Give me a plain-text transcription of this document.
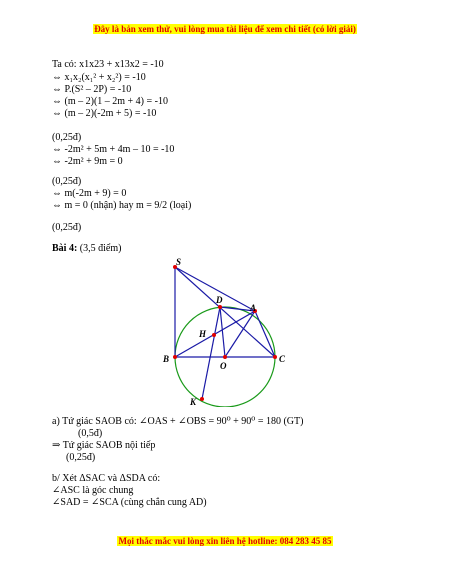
Đây là bản xem thử, vui lòng mua tài liệu để xem chi tiết (có lời giải)
Ta có: x1x23 + x13x2 = -10
⇔ x₁x₂(x₁² + x₂²) = -10
⇔ P.(S² – 2P) = -10
⇔ (m – 2)(1 – 2m + 4) = -10
⇔ (m – 2)(-2m + 5) = -10
(0,25đ)
⇔ -2m² + 5m + 4m – 10 = -10
⇔ -2m² + 9m = 0
(0,25đ)
⇔ m(-2m + 9) = 0
⇔ m = 0 (nhận) hay m = 9/2 (loại)
(0,25đ)
Bài 4: (3,5 điểm)
S
D
A
H
B
O
C
K
a) Tứ giác SAOB có: ∠OAS + ∠OBS = 90⁰ + 90⁰ = 180 (GT)
(0,5đ)
⇒ Tứ giác SAOB nội tiếp
(0,25đ)
b/ Xét ΔSAC và ΔSDA có:
∠ASC là góc chung
∠SAD = ∠SCA (cùng chắn cung AD)
Mọi thắc mắc vui lòng xin liên hệ hotline: 084 283 45 85
